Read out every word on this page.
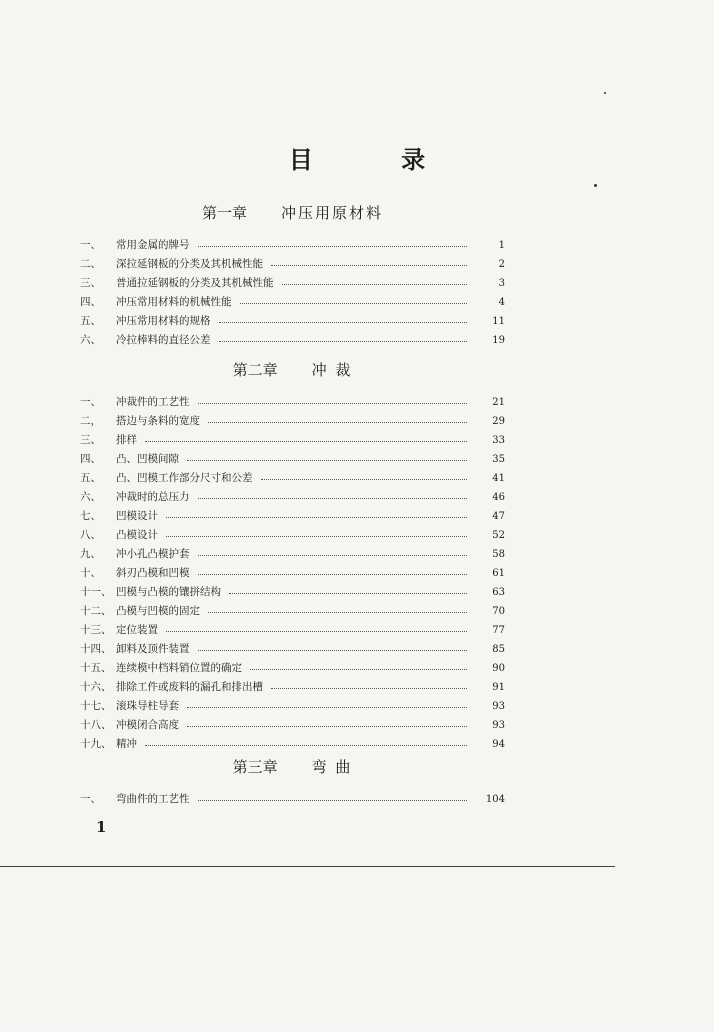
目 录
第一章 冲压用原材料
一、	常用金属的牌号	1
二、	深拉延钢板的分类及其机械性能	2
三、	普通拉延钢板的分类及其机械性能	3
四、	冲压常用材料的机械性能	4
五、	冲压常用材料的规格	11
六、	冷拉棒料的直径公差	19
第二章 冲 裁
一、	冲裁件的工艺性	21
二，	搭边与条料的宽度	29
三、	排样	33
四、	凸、凹模间隙	35
五、	凸、凹模工作部分尺寸和公差	41
六、	冲裁时的总压力	46
七、	凹模设计	47
八、	凸模设计	52
九、	冲小孔凸模护套	58
十、	斜刃凸模和凹模	61
十一、 凹模与凸模的镶拼结构	63
十二、 凸模与凹模的固定	70
十三、 定位装置	77
十四、 卸料及顶件装置	85
十五、 连续模中档料销位置的确定	90
十六、 排除工件或废料的漏孔和排出槽	91
十七、 滚珠导柱导套	93
十八、 冲模闭合高度	93
十九、 精冲	94
第三章 弯 曲
一、	弯曲件的工艺性	104
1
